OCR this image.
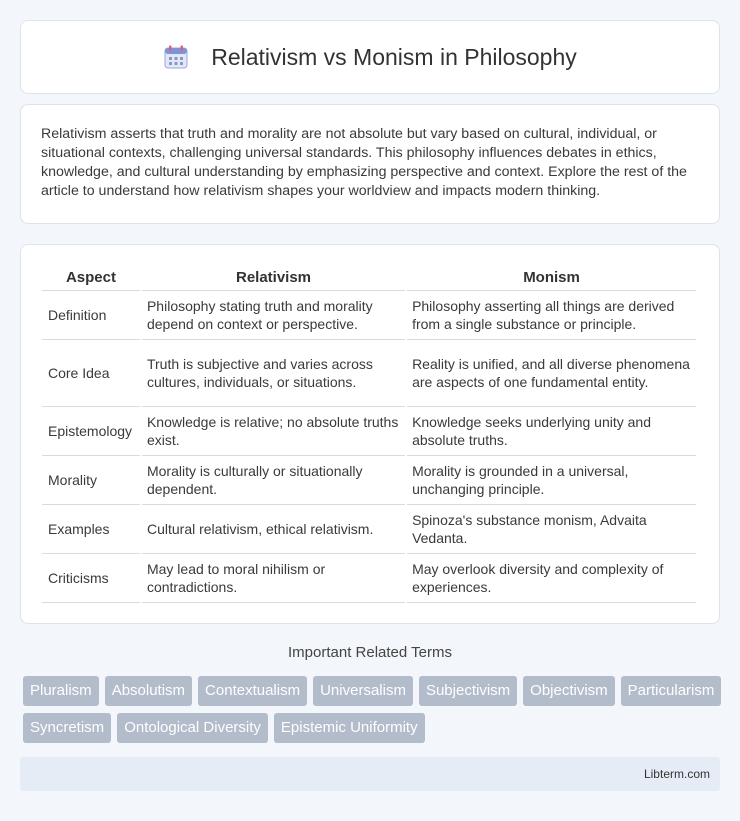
Relativism vs Monism in Philosophy

Relativism asserts that truth and morality are not absolute but vary based on cultural, individual, or situational contexts, challenging universal standards. This philosophy influences debates in ethics, knowledge, and cultural understanding by emphasizing perspective and context. Explore the rest of the article to understand how relativism shapes your worldview and impacts modern thinking.

Aspect	Relativism	Monism
Definition	Philosophy stating truth and morality depend on context or perspective.	Philosophy asserting all things are derived from a single substance or principle.
Core Idea	Truth is subjective and varies across cultures, individuals, or situations.	Reality is unified, and all diverse phenomena are aspects of one fundamental entity.
Epistemology	Knowledge is relative; no absolute truths exist.	Knowledge seeks underlying unity and absolute truths.
Morality	Morality is culturally or situationally dependent.	Morality is grounded in a universal, unchanging principle.
Examples	Cultural relativism, ethical relativism.	Spinoza's substance monism, Advaita Vedanta.
Criticisms	May lead to moral nihilism or contradictions.	May overlook diversity and complexity of experiences.
Important Related Terms
Pluralism	Absolutism	Contextualism	Universalism	Subjectivism	Objectivism	Particularism
Syncretism	Ontological Diversity	Epistemic Uniformity
Libterm.com
